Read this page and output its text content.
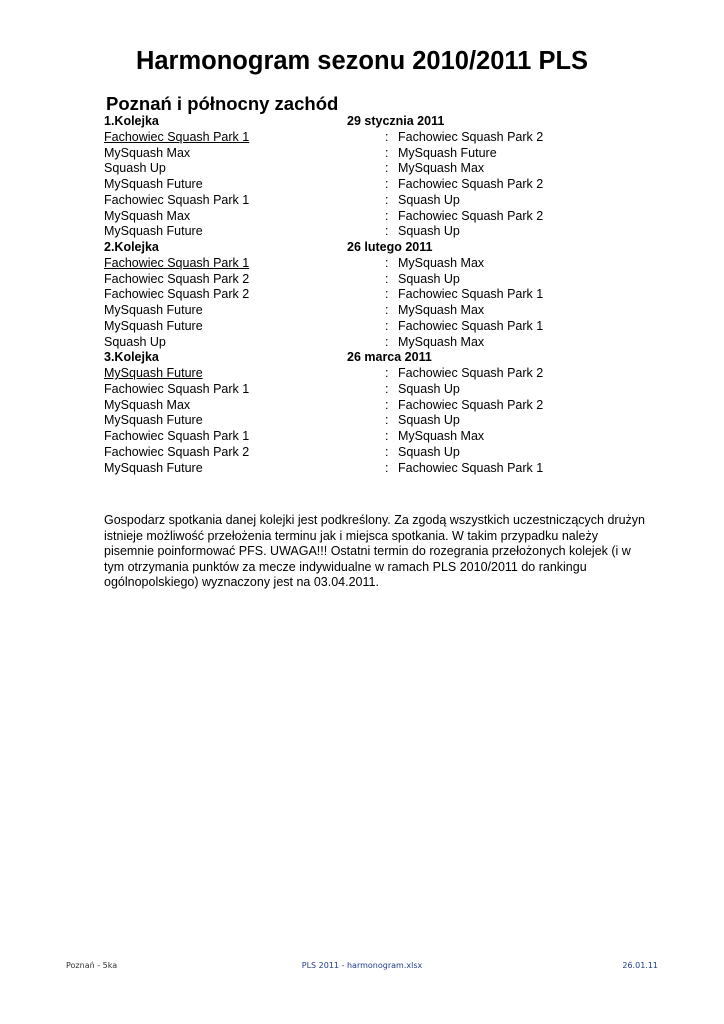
Harmonogram sezonu 2010/2011 PLS
Poznań i północny zachód
1.Kolejka	29 stycznia 2011
Fachowiec Squash Park 1	: Fachowiec Squash Park 2
MySquash Max	: MySquash Future
Squash Up	: MySquash Max
MySquash Future	: Fachowiec Squash Park 2
Fachowiec Squash Park 1	: Squash Up
MySquash Max	: Fachowiec Squash Park 2
MySquash Future	: Squash Up
2.Kolejka	26 lutego 2011
Fachowiec Squash Park 1	: MySquash Max
Fachowiec Squash Park 2	: Squash Up
Fachowiec Squash Park 2	: Fachowiec Squash Park 1
MySquash Future	: MySquash Max
MySquash Future	: Fachowiec Squash Park 1
Squash Up	: MySquash Max
3.Kolejka	26 marca 2011
MySquash Future	: Fachowiec Squash Park 2
Fachowiec Squash Park 1	: Squash Up
MySquash Max	: Fachowiec Squash Park 2
MySquash Future	: Squash Up
Fachowiec Squash Park 1	: MySquash Max
Fachowiec Squash Park 2	: Squash Up
MySquash Future	: Fachowiec Squash Park 1

Gospodarz spotkania danej kolejki jest podkreślony. Za zgodą wszystkich uczestniczących drużyn istnieje możliwość przełożenia terminu jak i miejsca spotkania. W takim przypadku należy pisemnie poinformować PFS. UWAGA!!! Ostatni termin do rozegrania przełożonych kolejek (i w tym otrzymania punktów za mecze indywidualne w ramach PLS 2010/2011 do rankingu ogólnopolskiego) wyznaczony jest na 03.04.2011.

Poznań - 5ka	PLS 2011 - harmonogram.xlsx	26.01.11
